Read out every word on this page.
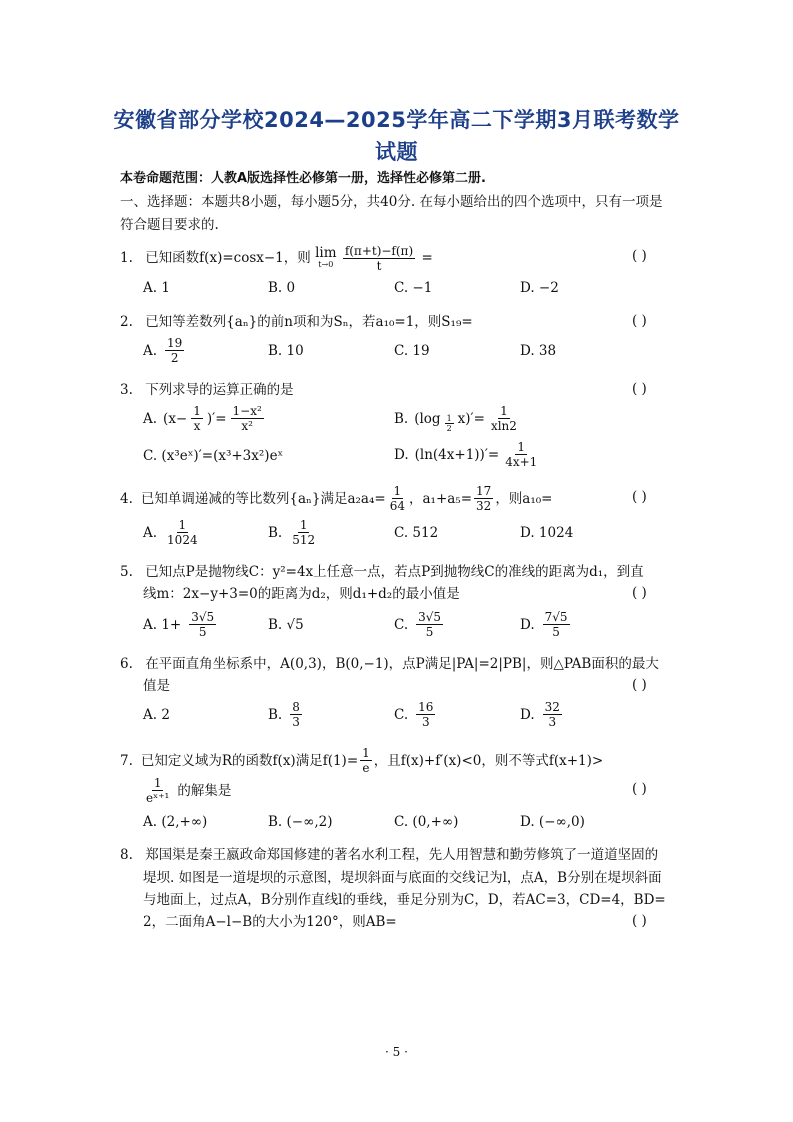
安徽省部分学校2024—2025学年高二下学期3月联考数学
试题
本卷命题范围：人教A版选择性必修第一册，选择性必修第二册.
一、选择题：本题共8小题，每小题5分，共40分. 在每小题给出的四个选项中，只有一项是
符合题目要求的.
1. 已知函数f(x)=cosx−1，则 lim
t→0
$\frac{f(\pi+t)-f(\pi)}{t}$ =	( )
A. 1	B. 0	C. −1	D. −2
2. 已知等差数列{aₙ}的前n项和为Sₙ，若a₁₀=1，则S₁₉=	( )
A. $\frac{19}{2}$	B. 10	C. 19	D. 38
3. 下列求导的运算正确的是	( )
A. ($x- \frac{1}{x}$ )′= $\frac{\text{1−x²}}{\text{x²}}$	B. $(\log \frac{1}{2} x)'= \frac{1}{xln2}$
C. (x³eˣ)′=(x³+3x²)eˣ	D. $(\ln(4x+1))'= \frac{1}{4x+1}$
4. 已知单调递减的等比数列{aₙ}满足$a_2a_4= \frac{1}{64}$ ，$a_1+a_5= \frac{17}{32}$ ，则a₁₀=	( )
A. $\frac{1}{1024}$	B. $\frac{1}{512}$	C. 512	D. 1024
5. 已知点P是抛物线C：y²=4x上任意一点，若点P到抛物线C的准线的距离为d₁，到直
线m：2x−y+3=0的距离为d₂，则d₁+d₂的最小值是	( )
A. $1+ \frac{3√5}{5}$	B. √5	C. $\frac{3√5}{5}$	D. $\frac{7√5}{5}$
6. 在平面直角坐标系中，A(0,3)，B(0,−1)，点P满足|PA|=2|PB|，则△PAB面积的最大
值是	( )
A. 2	B. $\frac{8}{3}$	C. $\frac{16}{3}$	D. $\frac{32}{3}$
7. 已知定义域为R的函数f(x)满足$f(1)= \frac{1}{e}$ ，且f(x)+f′(x)<0，则不等式f(x+1)>
$\frac{1}{\text{eˣ⁺¹}}$ 的解集是	( )
A. (2,+∞)	B. (−∞,2)	C. (0,+∞)	D. (−∞,0)
8. 郑国渠是秦王嬴政命郑国修建的著名水利工程，先人用智慧和勤劳修筑了一道道坚固的
堤坝. 如图是一道堤坝的示意图，堤坝斜面与底面的交线记为l，点A，B分别在堤坝斜面
与地面上，过点A，B分别作直线l的垂线，垂足分别为C，D，若AC=3，CD=4，BD=
2，二面角A−l−B的大小为120°，则AB=	( )
· 5 ·
